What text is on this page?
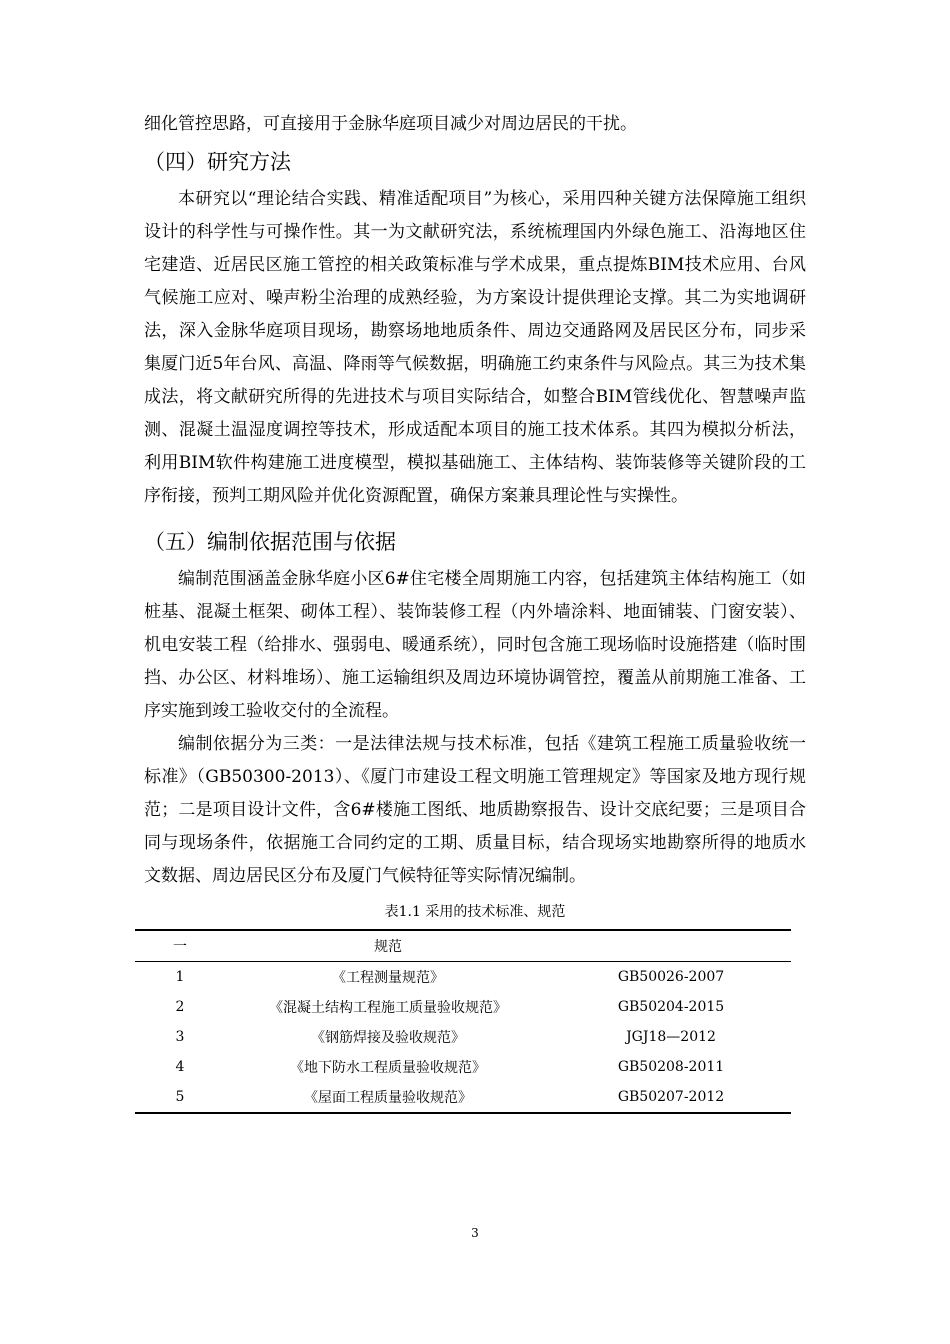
细化管控思路，可直接用于金脉华庭项目减少对周边居民的干扰。

（四）研究方法

本研究以“理论结合实践、精准适配项目”为核心，采用四种关键方法保障施工组织设计的科学性与可操作性。其一为文献研究法，系统梳理国内外绿色施工、沿海地区住宅建造、近居民区施工管控的相关政策标准与学术成果，重点提炼BIM技术应用、台风气候施工应对、噪声粉尘治理的成熟经验，为方案设计提供理论支撑。其二为实地调研法，深入金脉华庭项目现场，勘察场地地质条件、周边交通路网及居民区分布，同步采集厦门近5年台风、高温、降雨等气候数据，明确施工约束条件与风险点。其三为技术集成法，将文献研究所得的先进技术与项目实际结合，如整合BIM管线优化、智慧噪声监测、混凝土温湿度调控等技术，形成适配本项目的施工技术体系。其四为模拟分析法，利用BIM软件构建施工进度模型，模拟基础施工、主体结构、装饰装修等关键阶段的工序衔接，预判工期风险并优化资源配置，确保方案兼具理论性与实操性。

（五）编制依据范围与依据

编制范围涵盖金脉华庭小区6#住宅楼全周期施工内容，包括建筑主体结构施工（如桩基、混凝土框架、砌体工程）、装饰装修工程（内外墙涂料、地面铺装、门窗安装）、机电安装工程（给排水、强弱电、暖通系统），同时包含施工现场临时设施搭建（临时围挡、办公区、材料堆场）、施工运输组织及周边环境协调管控，覆盖从前期施工准备、工序实施到竣工验收交付的全流程。

编制依据分为三类：一是法律法规与技术标准，包括《建筑工程施工质量验收统一标准》（GB50300-2013）、《厦门市建设工程文明施工管理规定》等国家及地方现行规范；二是项目设计文件，含6#楼施工图纸、地质勘察报告、设计交底纪要；三是项目合同与现场条件，依据施工合同约定的工期、质量目标，结合现场实地勘察所得的地质水文数据、周边居民区分布及厦门气候特征等实际情况编制。

表1.1 采用的技术标准、规范
一	规范	
1	《工程测量规范》	GB50026-2007
2	《混凝土结构工程施工质量验收规范》	GB50204-2015
3	《钢筋焊接及验收规范》	JGJ18—2012
4	《地下防水工程质量验收规范》	GB50208-2011
5	《屋面工程质量验收规范》	GB50207-2012
3
